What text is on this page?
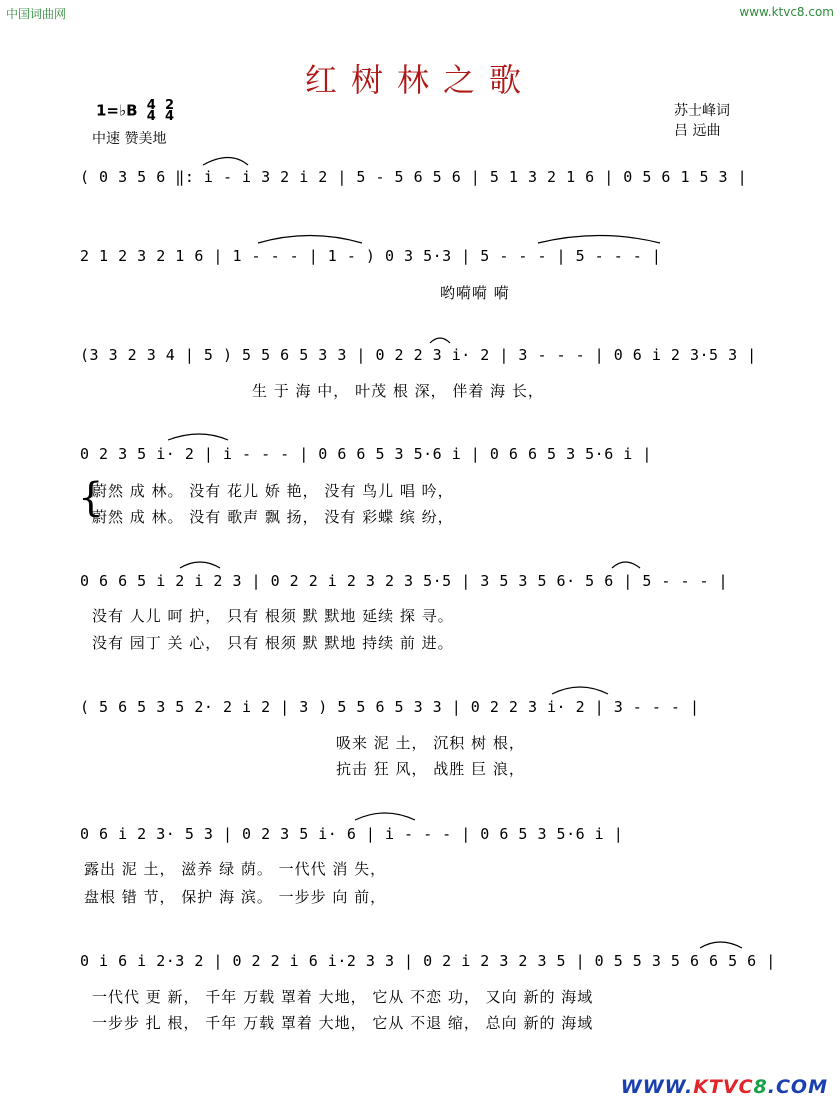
中国词曲网	www.ktvc8.com
红树林之歌
1=♭B 4
4

2
4
中速 赞美地
苏士峰词
吕 远曲
( 0 3 5 6 ‖: i - i 3 2 i 2 | 5 - 5 6 5 6 | 5 1 3 2 1 6 | 0 5 6 1 5 3 |
2 1 2 3 2 1 6 | 1 - - - | 1 - ) 0 3 5·3 | 5 - - - | 5 - - - |
哟嗬嗬 嗬
(3 3 2 3 4 | 5 ) 5 5 6 5 3 3 | 0 2 2 3 i· 2 | 3 - - - | 0 6 i 2 3·5 3 |
生 于 海 中， 叶茂 根 深， 伴着 海 长，
0 2 3 5 i· 2 | i - - - | 0 6 6 5 3 5·6 i | 0 6 6 5 3 5·6 i |
{
蔚然 成 林。 没有 花儿 娇 艳， 没有 鸟儿 唱 吟，
蔚然 成 林。 没有 歌声 飘 扬， 没有 彩蝶 缤 纷，
0 6 6 5 i 2 i 2 3 | 0 2 2 i 2 3 2 3 5·5 | 3 5 3 5 6· 5 6 | 5 - - - |
没有 人儿 呵 护， 只有 根须 默 默地 延续 探 寻。
没有 园丁 关 心， 只有 根须 默 默地 持续 前 进。
( 5 6 5 3 5 2· 2 i 2 | 3 ) 5 5 6 5 3 3 | 0 2 2 3 i· 2 | 3 - - - |
吸来 泥 土， 沉积 树 根，
抗击 狂 风， 战胜 巨 浪，
0 6 i 2 3· 5 3 | 0 2 3 5 i· 6 | i - - - | 0 6 5 3 5·6 i |
露出 泥 土， 滋养 绿 荫。 一代代 消 失，
盘根 错 节， 保护 海 滨。 一步步 向 前，
0 i 6 i 2·3 2 | 0 2 2 i 6 i·2 3 3 | 0 2 i 2 3 2 3 5 | 0 5 5 3 5 6 6 5 6 |
一代代 更 新， 千年 万载 罩着 大地， 它从 不恋 功， 又向 新的 海域
一步步 扎 根， 千年 万载 罩着 大地， 它从 不退 缩， 总向 新的 海域
WWW.KTVC8.COM
